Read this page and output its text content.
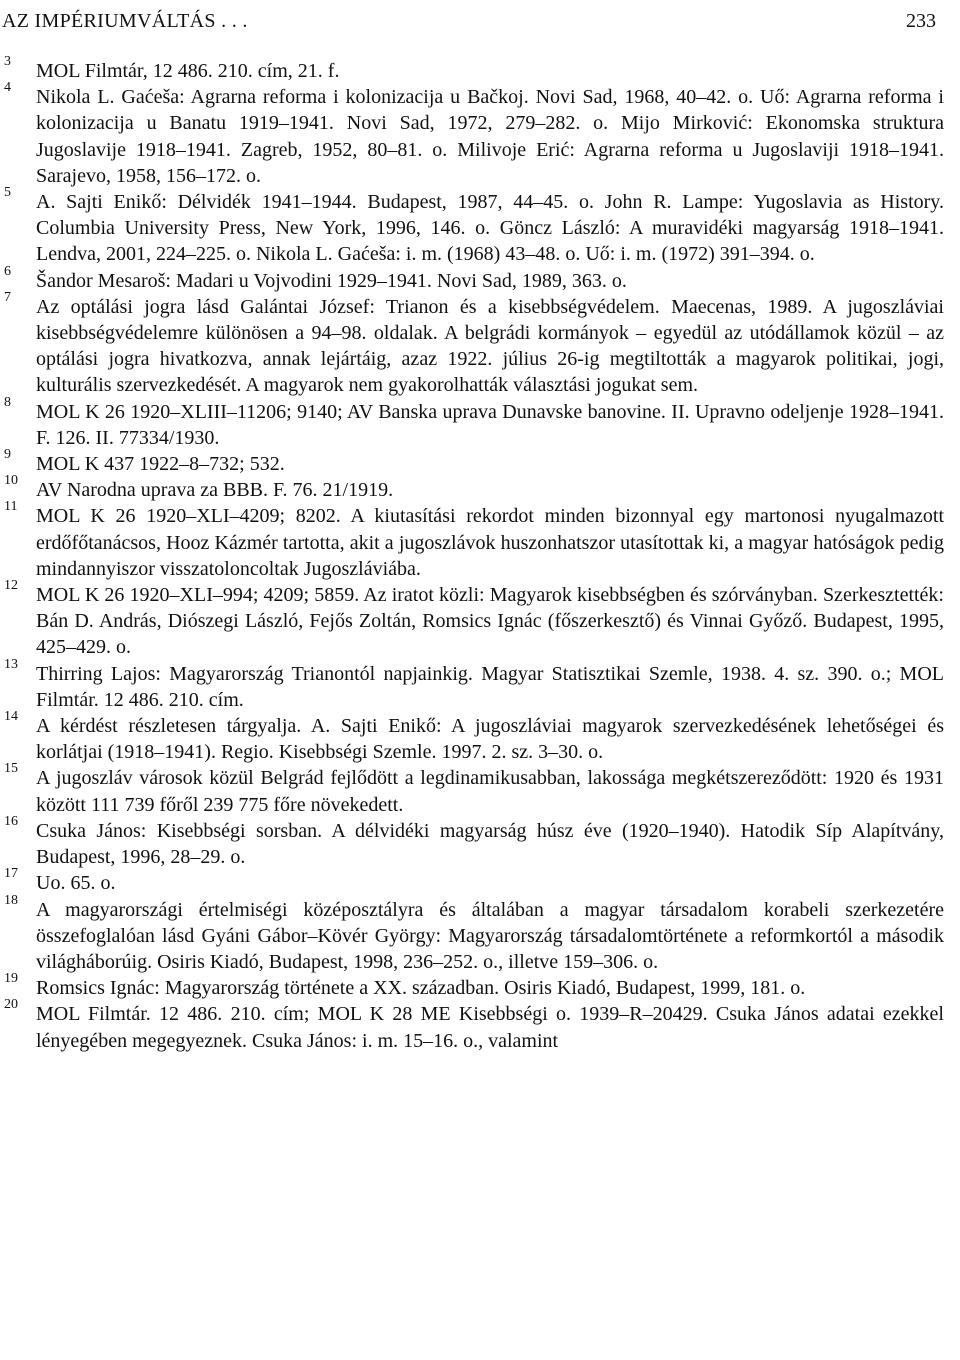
AZ IMPÉRIUMVÁLTÁS . . .	233
3	MOL Filmtár, 12 486. 210. cím, 21. f.
4	Nikola L. Gaćeša: Agrarna reforma i kolonizacija u Bačkoj. Novi Sad, 1968, 40–42. o. Uő: Agrarna reforma i kolonizacija u Banatu 1919–1941. Novi Sad, 1972, 279–282. o. Mijo Mirković: Ekonomska struktura Jugoslavije 1918–1941. Zagreb, 1952, 80–81. o. Milivoje Erić: Agrarna reforma u Jugoslaviji 1918–1941. Sarajevo, 1958, 156–172. o.
5	A. Sajti Enikő: Délvidék 1941–1944. Budapest, 1987, 44–45. o. John R. Lampe: Yugoslavia as History. Columbia University Press, New York, 1996, 146. o. Göncz László: A muravidéki magyarság 1918–1941. Lendva, 2001, 224–225. o. Nikola L. Gaćeša: i. m. (1968) 43–48. o. Uő: i. m. (1972) 391–394. o.
6	Šandor Mesaroš: Madari u Vojvodini 1929–1941. Novi Sad, 1989, 363. o.
7	Az optálási jogra lásd Galántai József: Trianon és a kisebbségvédelem. Maecenas, 1989. A jugoszláviai kisebbségvédelemre különösen a 94–98. oldalak. A belgrádi kormányok – egyedül az utódállamok közül – az optálási jogra hivatkozva, annak lejártáig, azaz 1922. július 26-ig megtiltották a magyarok politikai, jogi, kulturális szervezkedését. A magyarok nem gyakorolhatták választási jogukat sem.
8	MOL K 26 1920–XLIII–11206; 9140; AV Banska uprava Dunavske banovine. II. Upravno odeljenje 1928–1941. F. 126. II. 77334/1930.
9	MOL K 437 1922–8–732; 532.
10 AV Narodna uprava za BBB. F. 76. 21/1919.
11 MOL K 26 1920–XLI–4209; 8202. A kiutasítási rekordot minden bizonnyal egy martonosi nyugalmazott erdőfőtanácsos, Hooz Kázmér tartotta, akit a jugoszlávok huszonhatszor utasítottak ki, a magyar hatóságok pedig mindannyiszor visszatoloncoltak Jugoszláviába.
12 MOL K 26 1920–XLI–994; 4209; 5859. Az iratot közli: Magyarok kisebbségben és szórványban. Szerkesztették: Bán D. András, Diószegi László, Fejős Zoltán, Romsics Ignác (főszerkesztő) és Vinnai Győző. Budapest, 1995, 425–429. o.
13 Thirring Lajos: Magyarország Trianontól napjainkig. Magyar Statisztikai Szemle, 1938. 4. sz. 390. o.; MOL Filmtár. 12 486. 210. cím.
14 A kérdést részletesen tárgyalja. A. Sajti Enikő: A jugoszláviai magyarok szervezkedésének lehetőségei és korlátjai (1918–1941). Regio. Kisebbségi Szemle. 1997. 2. sz. 3–30. o.
15 A jugoszláv városok közül Belgrád fejlődött a legdinamikusabban, lakossága megkétszereződött: 1920 és 1931 között 111 739 főről 239 775 főre növekedett.
16 Csuka János: Kisebbségi sorsban. A délvidéki magyarság húsz éve (1920–1940). Hatodik Síp Alapítvány, Budapest, 1996, 28–29. o.
17 Uo. 65. o.
18 A magyarországi értelmiségi középosztályra és általában a magyar társadalom korabeli szerkezetére összefoglalóan lásd Gyáni Gábor–Kövér György: Magyarország társadalomtörténete a reformkortól a második világháborúig. Osiris Kiadó, Budapest, 1998, 236–252. o., illetve 159–306. o.
19 Romsics Ignác: Magyarország története a XX. században. Osiris Kiadó, Budapest, 1999, 181. o.
20 MOL Filmtár. 12 486. 210. cím; MOL K 28 ME Kisebbségi o. 1939–R–20429. Csuka János adatai ezekkel lényegében megegyeznek. Csuka János: i. m. 15–16. o., valamint
